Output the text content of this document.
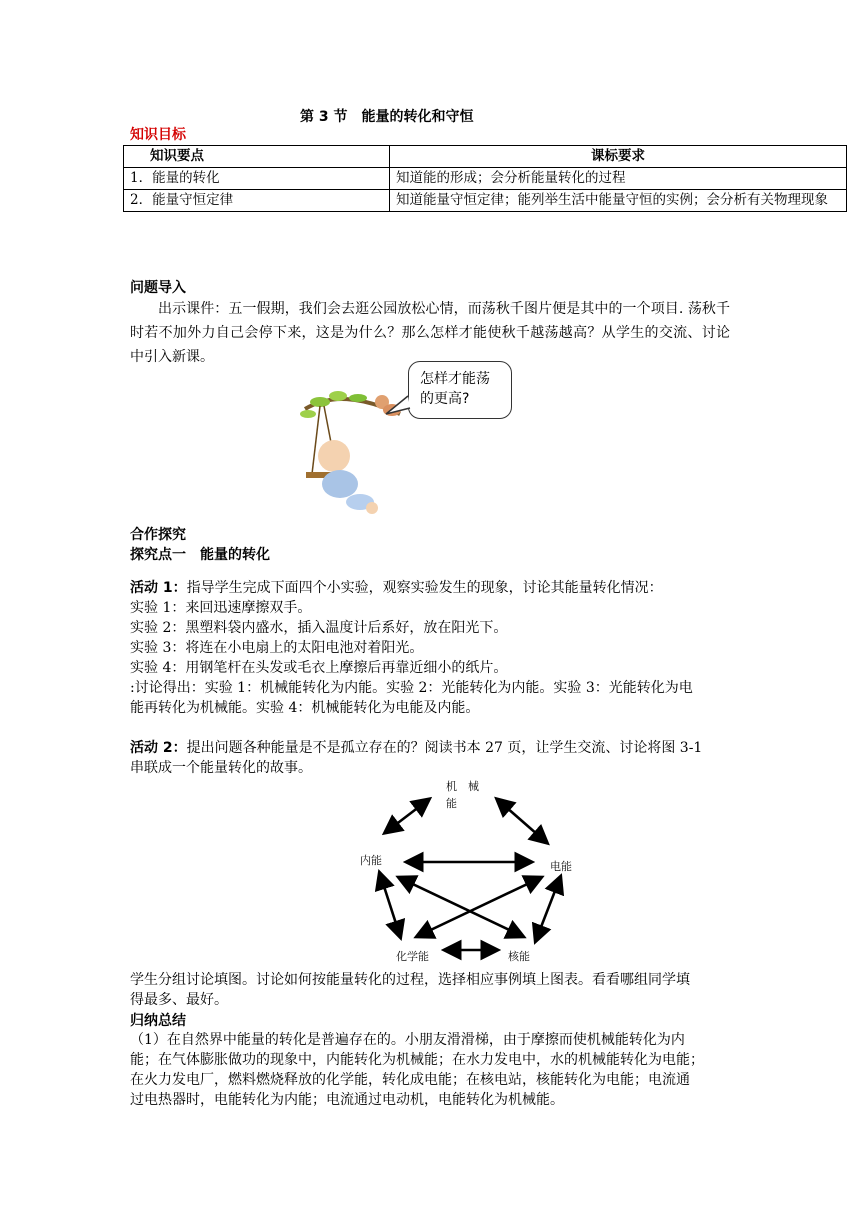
第 3 节　能量的转化和守恒
知识目标
知识要点	课标要求
1．能量的转化	知道能的形成；会分析能量转化的过程
2．能量守恒定律	知道能量守恒定律；能列举生活中能量守恒的实例；会分析有关物理现象
问题导入
出示课件：五一假期，我们会去逛公园放松心情，而荡秋千图片便是其中的一个项目. 荡秋千时若不加外力自己会停下来，这是为什么？那么怎样才能使秋千越荡越高？从学生的交流、讨论中引入新课。
怎样才能荡
的更高?
合作探究
探究点一　能量的转化
活动 1：指导学生完成下面四个小实验，观察实验发生的现象，讨论其能量转化情况：
实验 1：来回迅速摩擦双手。
实验 2：黑塑料袋内盛水，插入温度计后系好，放在阳光下。
实验 3：将连在小电扇上的太阳电池对着阳光。
实验 4：用钢笔杆在头发或毛衣上摩擦后再靠近细小的纸片。
:讨论得出：实验 1：机械能转化为内能。实验 2：光能转化为内能。实验 3：光能转化为电
能再转化为机械能。实验 4：机械能转化为电能及内能。
活动 2：提出问题各种能量是不是孤立存在的？阅读书本 27 页，让学生交流、讨论将图 3-1
串联成一个能量转化的故事。
机　械
能
内能	电能
化学能	核能
学生分组讨论填图。讨论如何按能量转化的过程，选择相应事例填上图表。看看哪组同学填
得最多、最好。
归纳总结
（1）在自然界中能量的转化是普遍存在的。小朋友滑滑梯，由于摩擦而使机械能转化为内
能；在气体膨胀做功的现象中，内能转化为机械能；在水力发电中，水的机械能转化为电能；
在火力发电厂，燃料燃烧释放的化学能，转化成电能；在核电站，核能转化为电能；电流通
过电热器时，电能转化为内能；电流通过电动机，电能转化为机械能。
